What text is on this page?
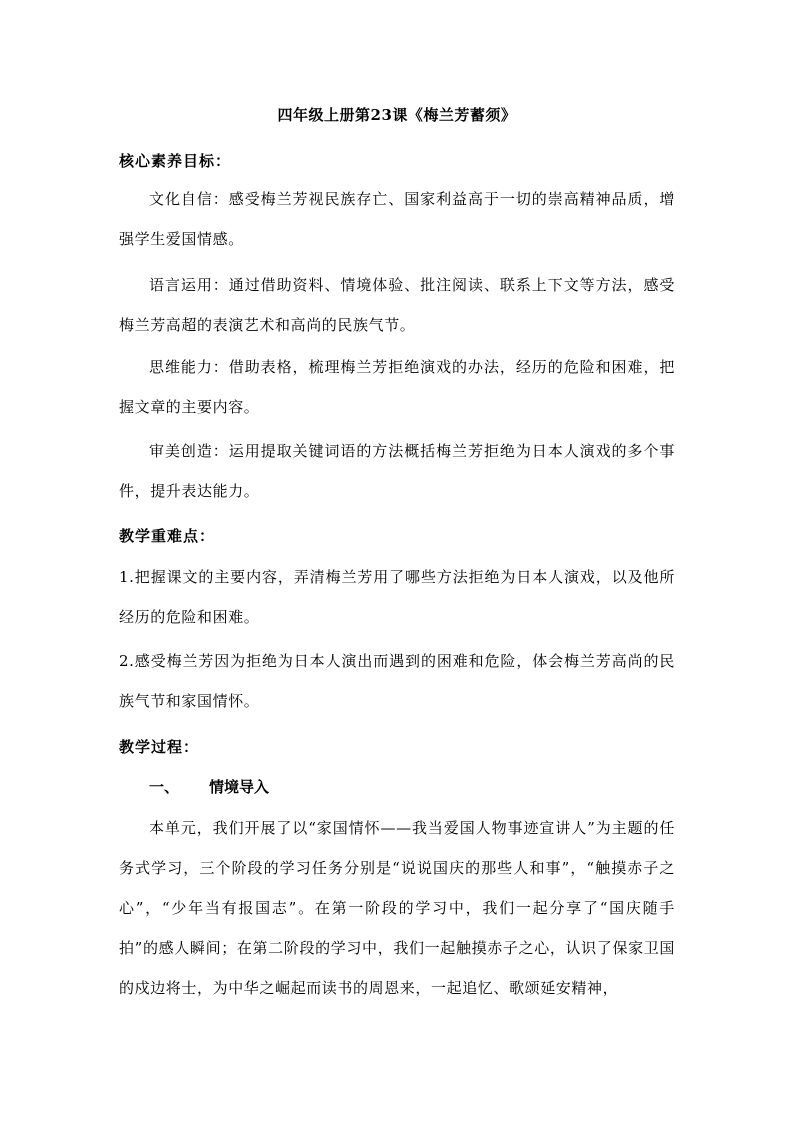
四年级上册第23课《梅兰芳蓄须》
核心素养目标：
文化自信：感受梅兰芳视民族存亡、国家利益高于一切的崇高精神品质，增强学生爱国情感。
语言运用：通过借助资料、情境体验、批注阅读、联系上下文等方法，感受梅兰芳高超的表演艺术和高尚的民族气节。
思维能力：借助表格，梳理梅兰芳拒绝演戏的办法，经历的危险和困难，把握文章的主要内容。
审美创造：运用提取关键词语的方法概括梅兰芳拒绝为日本人演戏的多个事件，提升表达能力。
教学重难点：
1.把握课文的主要内容，弄清梅兰芳用了哪些方法拒绝为日本人演戏，以及他所经历的危险和困难。
2.感受梅兰芳因为拒绝为日本人演出而遇到的困难和危险，体会梅兰芳高尚的民族气节和家国情怀。
教学过程：
一、 情境导入
本单元，我们开展了以“家国情怀——我当爱国人物事迹宣讲人”为主题的任务式学习，三个阶段的学习任务分别是“说说国庆的那些人和事”，“触摸赤子之心”，“少年当有报国志”。在第一阶段的学习中，我们一起分享了“国庆随手拍”的感人瞬间；在第二阶段的学习中，我们一起触摸赤子之心，认识了保家卫国的戍边将士，为中华之崛起而读书的周恩来，一起追忆、歌颂延安精神，
